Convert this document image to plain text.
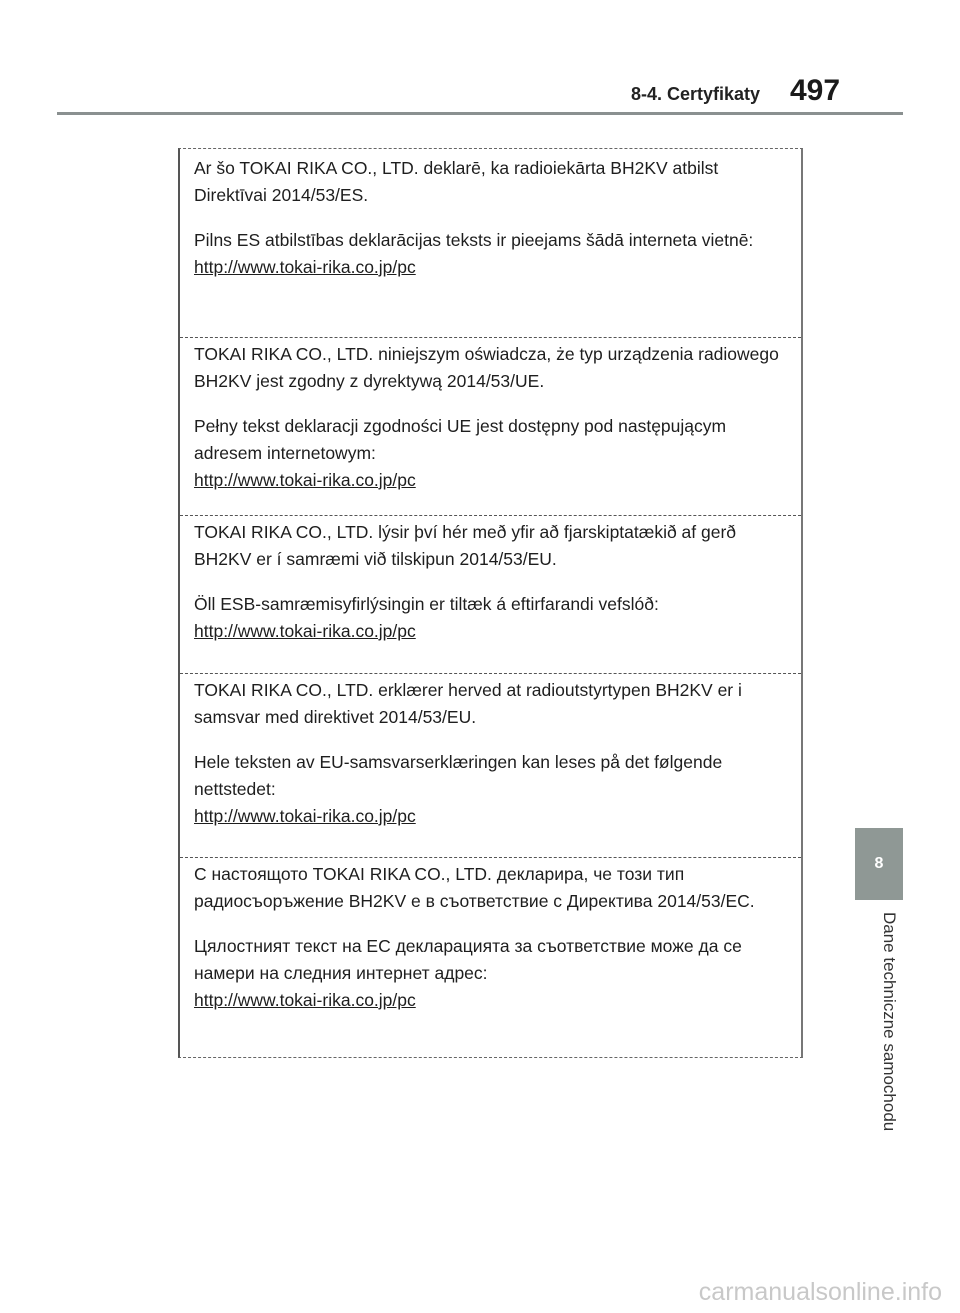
8-4. Certyfikaty 497

Ar šo TOKAI RIKA CO., LTD. deklarē, ka radioiekārta BH2KV atbilst Direktīvai 2014/53/ES.

Pilns ES atbilstības deklarācijas teksts ir pieejams šādā interneta vietnē:

http://www.tokai-rika.co.jp/pc

TOKAI RIKA CO., LTD. niniejszym oświadcza, że typ urządzenia radiowego BH2KV jest zgodny z dyrektywą 2014/53/UE.

Pełny tekst deklaracji zgodności UE jest dostępny pod następującym adresem internetowym:

http://www.tokai-rika.co.jp/pc

TOKAI RIKA CO., LTD. lýsir því hér með yfir að fjarskiptatækið af gerð BH2KV er í samræmi við tilskipun 2014/53/EU.

Öll ESB-samræmisyfirlýsingin er tiltæk á eftirfarandi vefslóð:

http://www.tokai-rika.co.jp/pc

TOKAI RIKA CO., LTD. erklærer herved at radioutstyrtypen BH2KV er i samsvar med direktivet 2014/53/EU.

Hele teksten av EU-samsvarserklæringen kan leses på det følgende nettstedet:

http://www.tokai-rika.co.jp/pc

С настоящото TOKAI RIKA CO., LTD. декларира, че този тип радиосъоръжение BH2KV е в съответствие с Директива 2014/53/ЕС.

Цялостният текст на ЕС декларацията за съответствие може да се намери на следния интернет адрес:

http://www.tokai-rika.co.jp/pc
8
Dane techniczne samochodu
carmanualsonline.info
